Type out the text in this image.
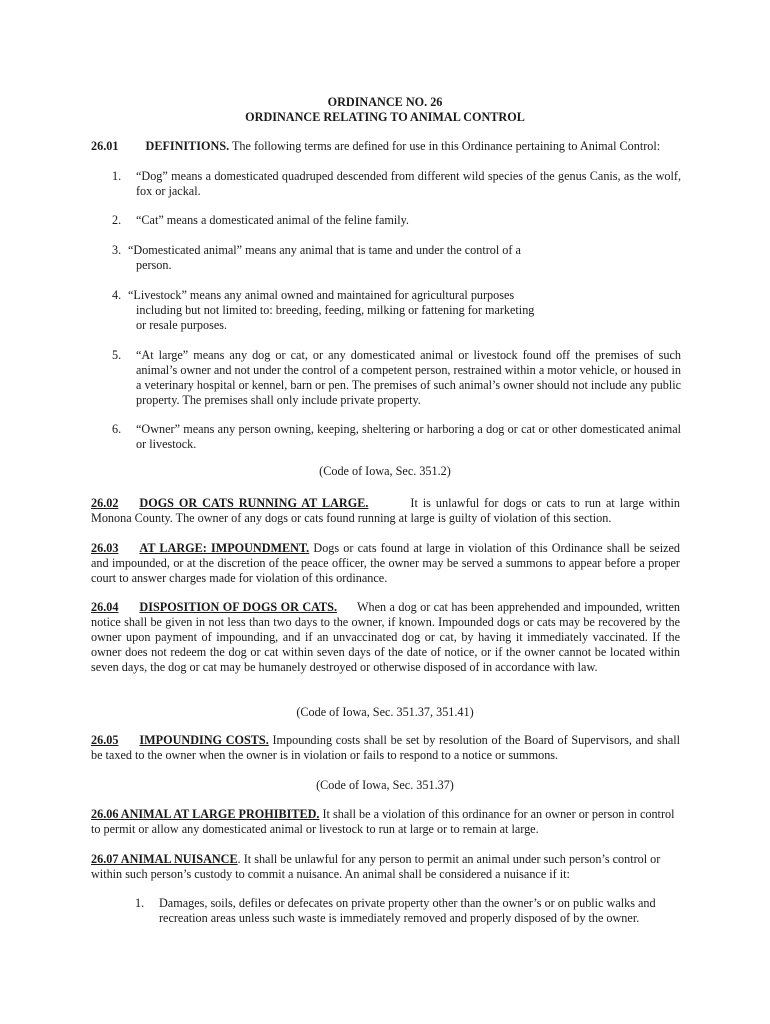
ORDINANCE NO. 26
ORDINANCE RELATING TO ANIMAL CONTROL
26.01 DEFINITIONS. The following terms are defined for use in this Ordinance pertaining to Animal Control:
1. “Dog” means a domesticated quadruped descended from different wild species of the genus Canis, as the wolf, fox or jackal.
2. “Cat” means a domesticated animal of the feline family.
3. “Domesticated animal” means any animal that is tame and under the control of a
person.
4. “Livestock” means any animal owned and maintained for agricultural purposes
including but not limited to: breeding, feeding, milking or fattening for marketing
or resale purposes.
5. “At large” means any dog or cat, or any domesticated animal or livestock found off the premises of such animal’s owner and not under the control of a competent person, restrained within a motor vehicle, or housed in a veterinary hospital or kennel, barn or pen. The premises of such animal’s owner should not include any public property. The premises shall only include private property.
6. “Owner” means any person owning, keeping, sheltering or harboring a dog or cat or other domesticated animal or livestock.
(Code of Iowa, Sec. 351.2)
26.02 DOGS OR CATS RUNNING AT LARGE.	It is unlawful for dogs or cats to run at large within Monona County. The owner of any dogs or cats found running at large is guilty of violation of this section.
26.03 AT LARGE: IMPOUNDMENT. Dogs or cats found at large in violation of this Ordinance shall be seized and impounded, or at the discretion of the peace officer, the owner may be served a summons to appear before a proper court to answer charges made for violation of this ordinance.
26.04 DISPOSITION OF DOGS OR CATS. When a dog or cat has been apprehended and impounded, written notice shall be given in not less than two days to the owner, if known. Impounded dogs or cats may be recovered by the owner upon payment of impounding, and if an unvaccinated dog or cat, by having it immediately vaccinated. If the owner does not redeem the dog or cat within seven days of the date of notice, or if the owner cannot be located within seven days, the dog or cat may be humanely destroyed or otherwise disposed of in accordance with law.
(Code of Iowa, Sec. 351.37, 351.41)
26.05 IMPOUNDING COSTS. Impounding costs shall be set by resolution of the Board of Supervisors, and shall be taxed to the owner when the owner is in violation or fails to respond to a notice or summons.
(Code of Iowa, Sec. 351.37)
26.06 ANIMAL AT LARGE PROHIBITED. It shall be a violation of this ordinance for an owner or person in control to permit or allow any domesticated animal or livestock to run at large or to remain at large.
26.07 ANIMAL NUISANCE. It shall be unlawful for any person to permit an animal under such person’s control or within such person’s custody to commit a nuisance. An animal shall be considered a nuisance if it:
1. Damages, soils, defiles or defecates on private property other than the owner’s or on public walks and recreation areas unless such waste is immediately removed and properly disposed of by the owner.
